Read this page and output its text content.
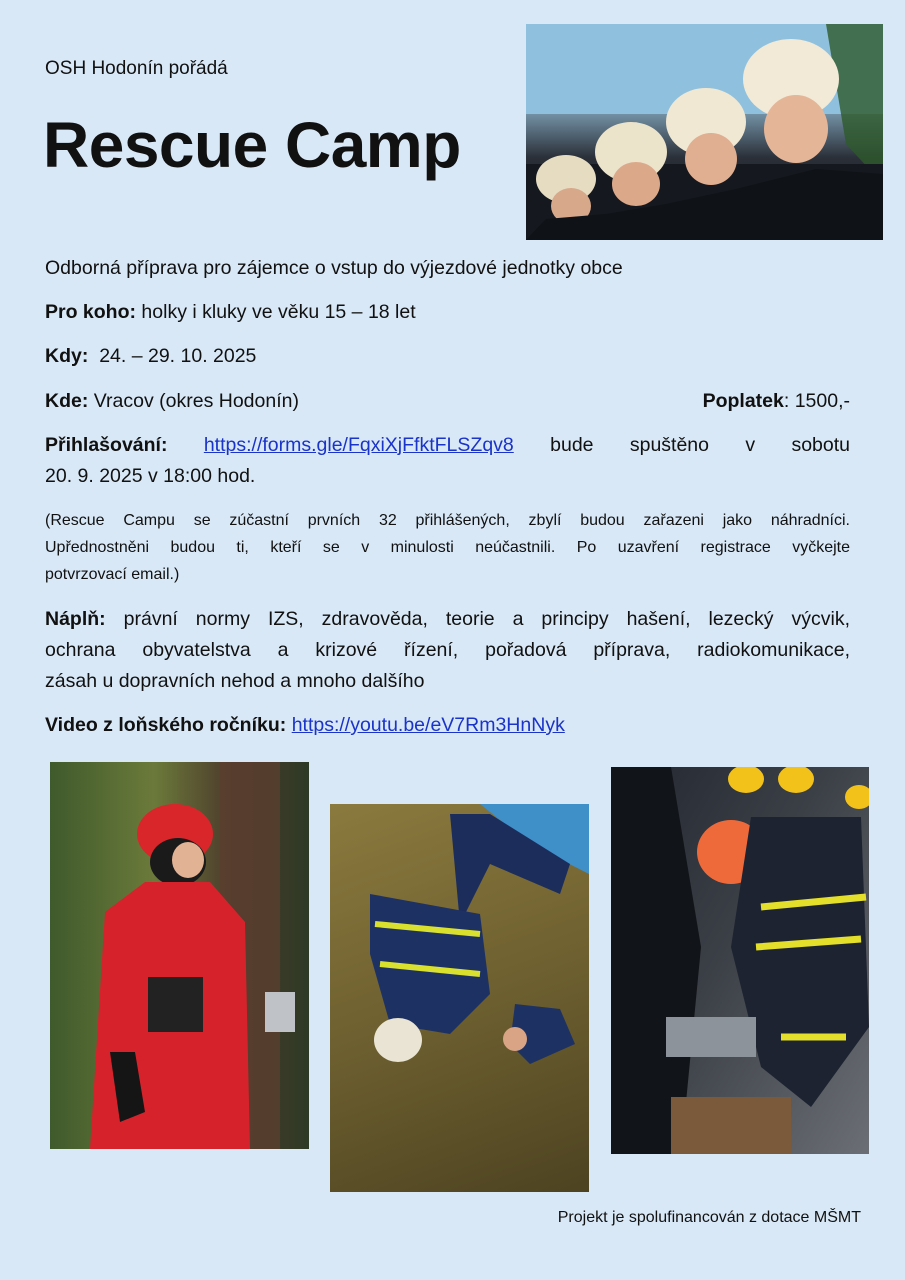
OSH Hodonín pořádá
Rescue Camp
Odborná příprava pro zájemce o vstup do výjezdové jednotky obce
Pro koho: holky i kluky ve věku 15 – 18 let
Kdy: 24. – 29. 10. 2025
Kde: Vracov (okres Hodonín)	Poplatek: 1500,-
Přihlašování: https://forms.gle/FqxiXjFfktFLSZqv8 bude spuštěno v sobotu
20. 9. 2025 v 18:00 hod.
(Rescue Campu se zúčastní prvních 32 přihlášených, zbylí budou zařazeni jako náhradníci.
Upřednostněni budou ti, kteří se v minulosti neúčastnili. Po uzavření registrace vyčkejte
potvrzovací email.)
Náplň: právní normy IZS, zdravověda, teorie a principy hašení, lezecký výcvik,
ochrana obyvatelstva a krizové řízení, pořadová příprava, radiokomunikace,
zásah u dopravních nehod a mnoho dalšího
Video z loňského ročníku: https://youtu.be/eV7Rm3HnNyk
Projekt je spolufinancován z dotace MŠMT
